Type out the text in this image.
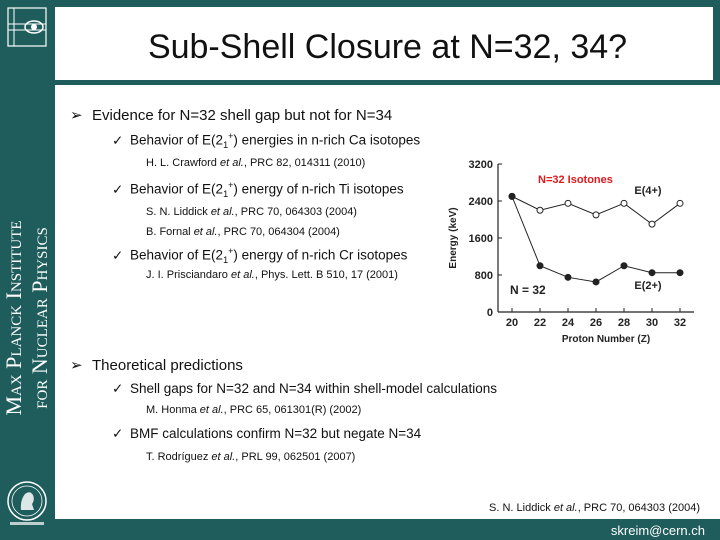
Max Planck Institute for Nuclear Physics
Sub-Shell Closure at N=32, 34?
➢ Evidence for N=32 shell gap but not for N=34
✓ Behavior of $E(2_1^+)$ energies in n-rich Ca isotopes
H. L. Crawford et al., PRC 82, 014311 (2010)
✓ Behavior of $E(2_1^+)$ energy of n-rich Ti isotopes
S. N. Liddick et al., PRC 70, 064303 (2004)
B. Fornal et al., PRC 70, 064304 (2004)
✓ Behavior of $E(2_1^+)$ energy of n-rich Cr isotopes
J. I. Prisciandaro et al., Phys. Lett. B 510, 17 (2001)
➢ Theoretical predictions
✓ Shell gaps for N=32 and N=34 within shell-model calculations
M. Honma et al., PRC 65, 061301(R) (2002)
✓ BMF calculations confirm N=32 but negate N=34
T. Rodríguez et al., PRL 99, 062501 (2007)
0
800
1600
2400
3200
20 22 24 26 28 30 32
Proton Number (Z)
Energy (keV)
N=32 Isotones
N = 32
E(4+)
E(2+)
S. N. Liddick et al., PRC 70, 064303 (2004)
skreim@cern.ch
